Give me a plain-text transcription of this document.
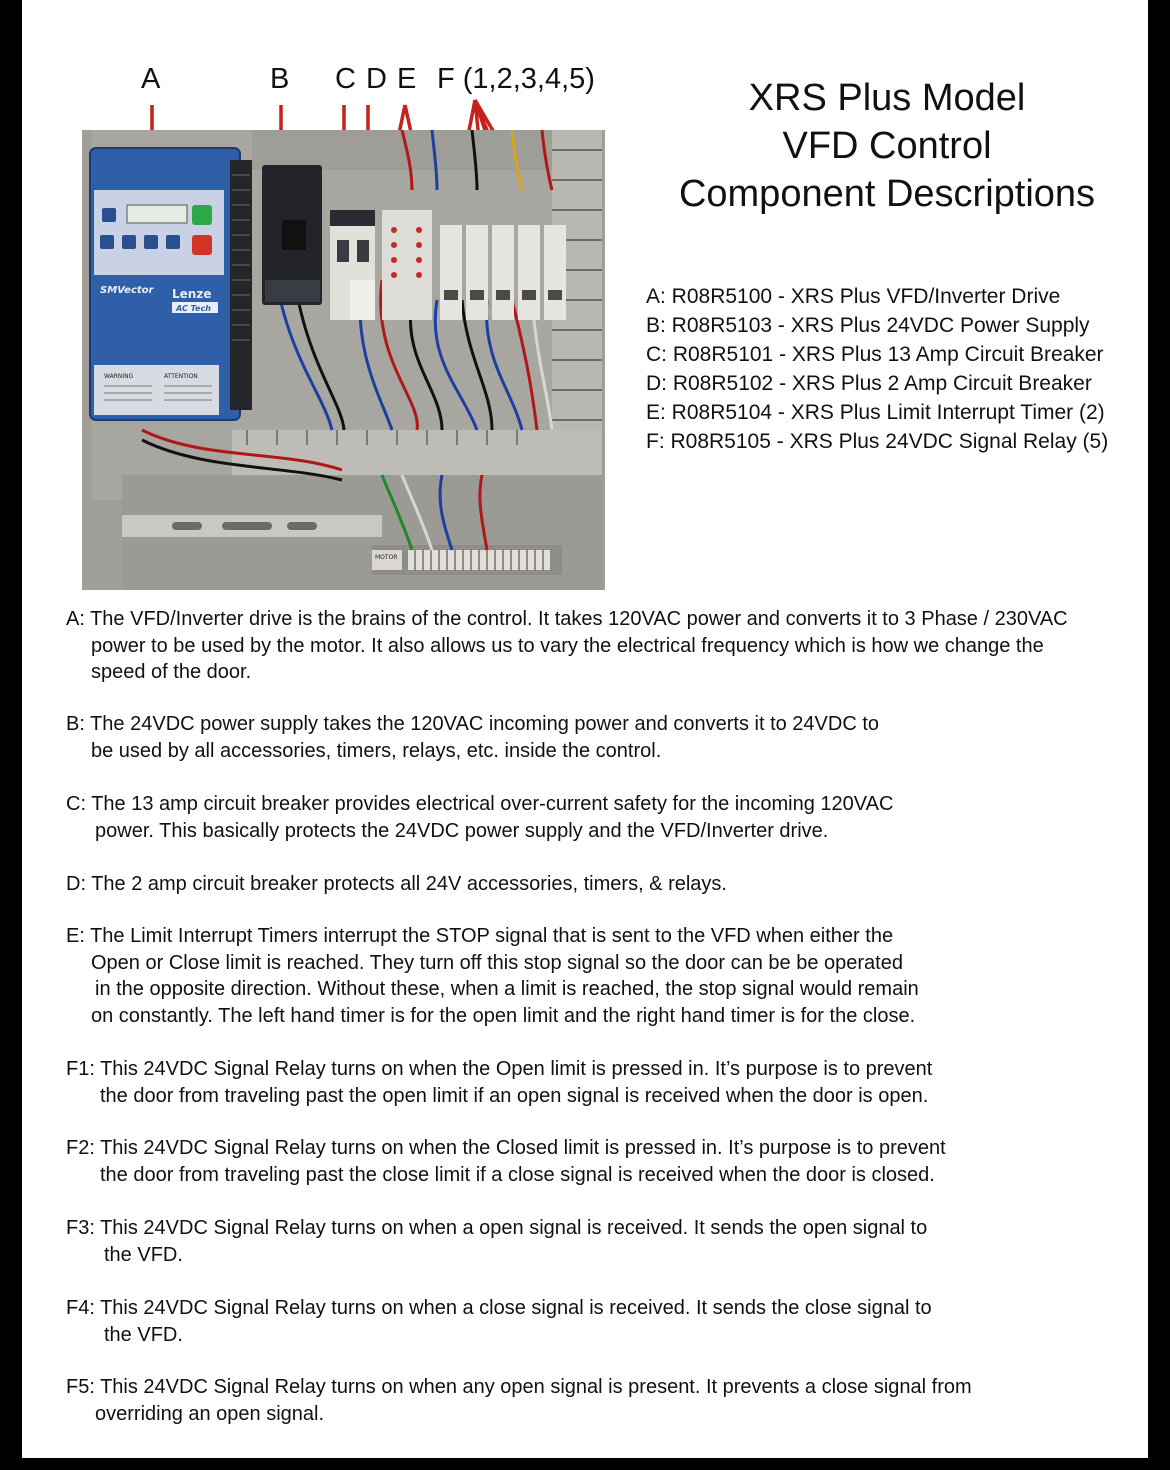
A	B C D E F (1,2,3,4,5)
MOTOR
SMVector Lenze
AC Tech
WARNING	ATTENTION
XRS Plus Model
VFD Control
Component Descriptions
A: R08R5100 - XRS Plus VFD/Inverter Drive
B: R08R5103 - XRS Plus 24VDC Power Supply
C: R08R5101 - XRS Plus 13 Amp Circuit Breaker
D: R08R5102 - XRS Plus 2 Amp Circuit Breaker
E: R08R5104 - XRS Plus Limit Interrupt Timer (2)
F: R08R5105 - XRS Plus 24VDC Signal Relay (5)
A: The VFD/Inverter drive is the brains of the control. It takes 120VAC power and converts it to 3 Phase / 230VAC
power to be used by the motor. It also allows us to vary the electrical frequency which is how we change the
speed of the door.
B: The 24VDC power supply takes the 120VAC incoming power and converts it to 24VDC to
be used by all accessories, timers, relays, etc. inside the control.
C: The 13 amp circuit breaker provides electrical over-current safety for the incoming 120VAC
power. This basically protects the 24VDC power supply and the VFD/Inverter drive.
D: The 2 amp circuit breaker protects all 24V accessories, timers, & relays.
E: The Limit Interrupt Timers interrupt the STOP signal that is sent to the VFD when either the
Open or Close limit is reached. They turn off this stop signal so the door can be be operated
in the opposite direction. Without these, when a limit is reached, the stop signal would remain
on constantly. The left hand timer is for the open limit and the right hand timer is for the close.
F1: This 24VDC Signal Relay turns on when the Open limit is pressed in. It’s purpose is to prevent
the door from traveling past the open limit if an open signal is received when the door is open.
F2: This 24VDC Signal Relay turns on when the Closed limit is pressed in. It’s purpose is to prevent
the door from traveling past the close limit if a close signal is received when the door is closed.
F3: This 24VDC Signal Relay turns on when a open signal is received. It sends the open signal to
the VFD.
F4: This 24VDC Signal Relay turns on when a close signal is received. It sends the close signal to
the VFD.
F5: This 24VDC Signal Relay turns on when any open signal is present. It prevents a close signal from
overriding an open signal.
